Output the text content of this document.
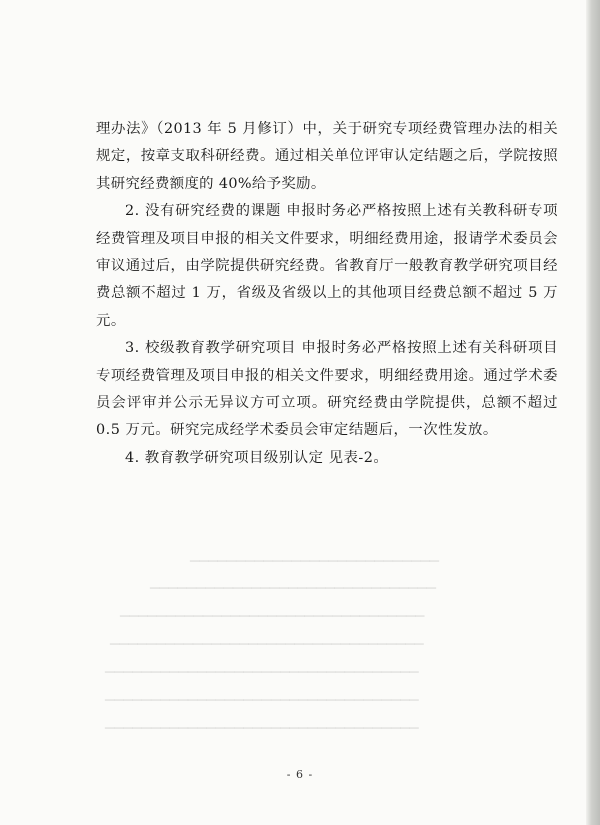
▁▁▁▁▁▁▁▁▁▁▁▁▁▁▁▁▁▁▁▁▁▁▁▁▁▁▁
▁▁▁▁▁▁▁▁▁▁▁▁▁▁▁▁▁▁▁▁▁▁▁▁▁▁▁▁▁▁▁
▁▁▁▁▁▁▁▁▁▁▁▁▁▁▁▁▁▁▁▁▁▁▁▁▁▁▁▁▁▁▁▁▁
▁▁▁▁▁▁▁▁▁▁▁▁▁▁▁▁▁▁▁▁▁▁▁▁▁▁▁▁▁▁▁▁▁▁
▁▁▁▁▁▁▁▁▁▁▁▁▁▁▁▁▁▁▁▁▁▁▁▁▁▁▁▁▁▁▁▁▁▁
▁▁▁▁▁▁▁▁▁▁▁▁▁▁▁▁▁▁▁▁▁▁▁▁▁▁▁▁▁▁▁▁▁▁
▁▁▁▁▁▁▁▁▁▁▁▁▁▁▁▁▁▁▁▁▁▁▁▁▁▁▁▁▁▁▁▁▁▁

理办法》（2013 年 5 月修订）中，关于研究专项经费管理办法的相关规定，按章支取科研经费。通过相关单位评审认定结题之后，学院按照其研究经费额度的 40%给予奖励。

2. 没有研究经费的课题 申报时务必严格按照上述有关教科研专项经费管理及项目申报的相关文件要求，明细经费用途，报请学术委员会审议通过后，由学院提供研究经费。省教育厅一般教育教学研究项目经费总额不超过 1 万，省级及省级以上的其他项目经费总额不超过 5 万元。

3. 校级教育教学研究项目 申报时务必严格按照上述有关科研项目专项经费管理及项目申报的相关文件要求，明细经费用途。通过学术委员会评审并公示无异议方可立项。研究经费由学院提供，总额不超过 0.5 万元。研究完成经学术委员会审定结题后，一次性发放。

4. 教育教学研究项目级别认定 见表-2。

- 6 -
